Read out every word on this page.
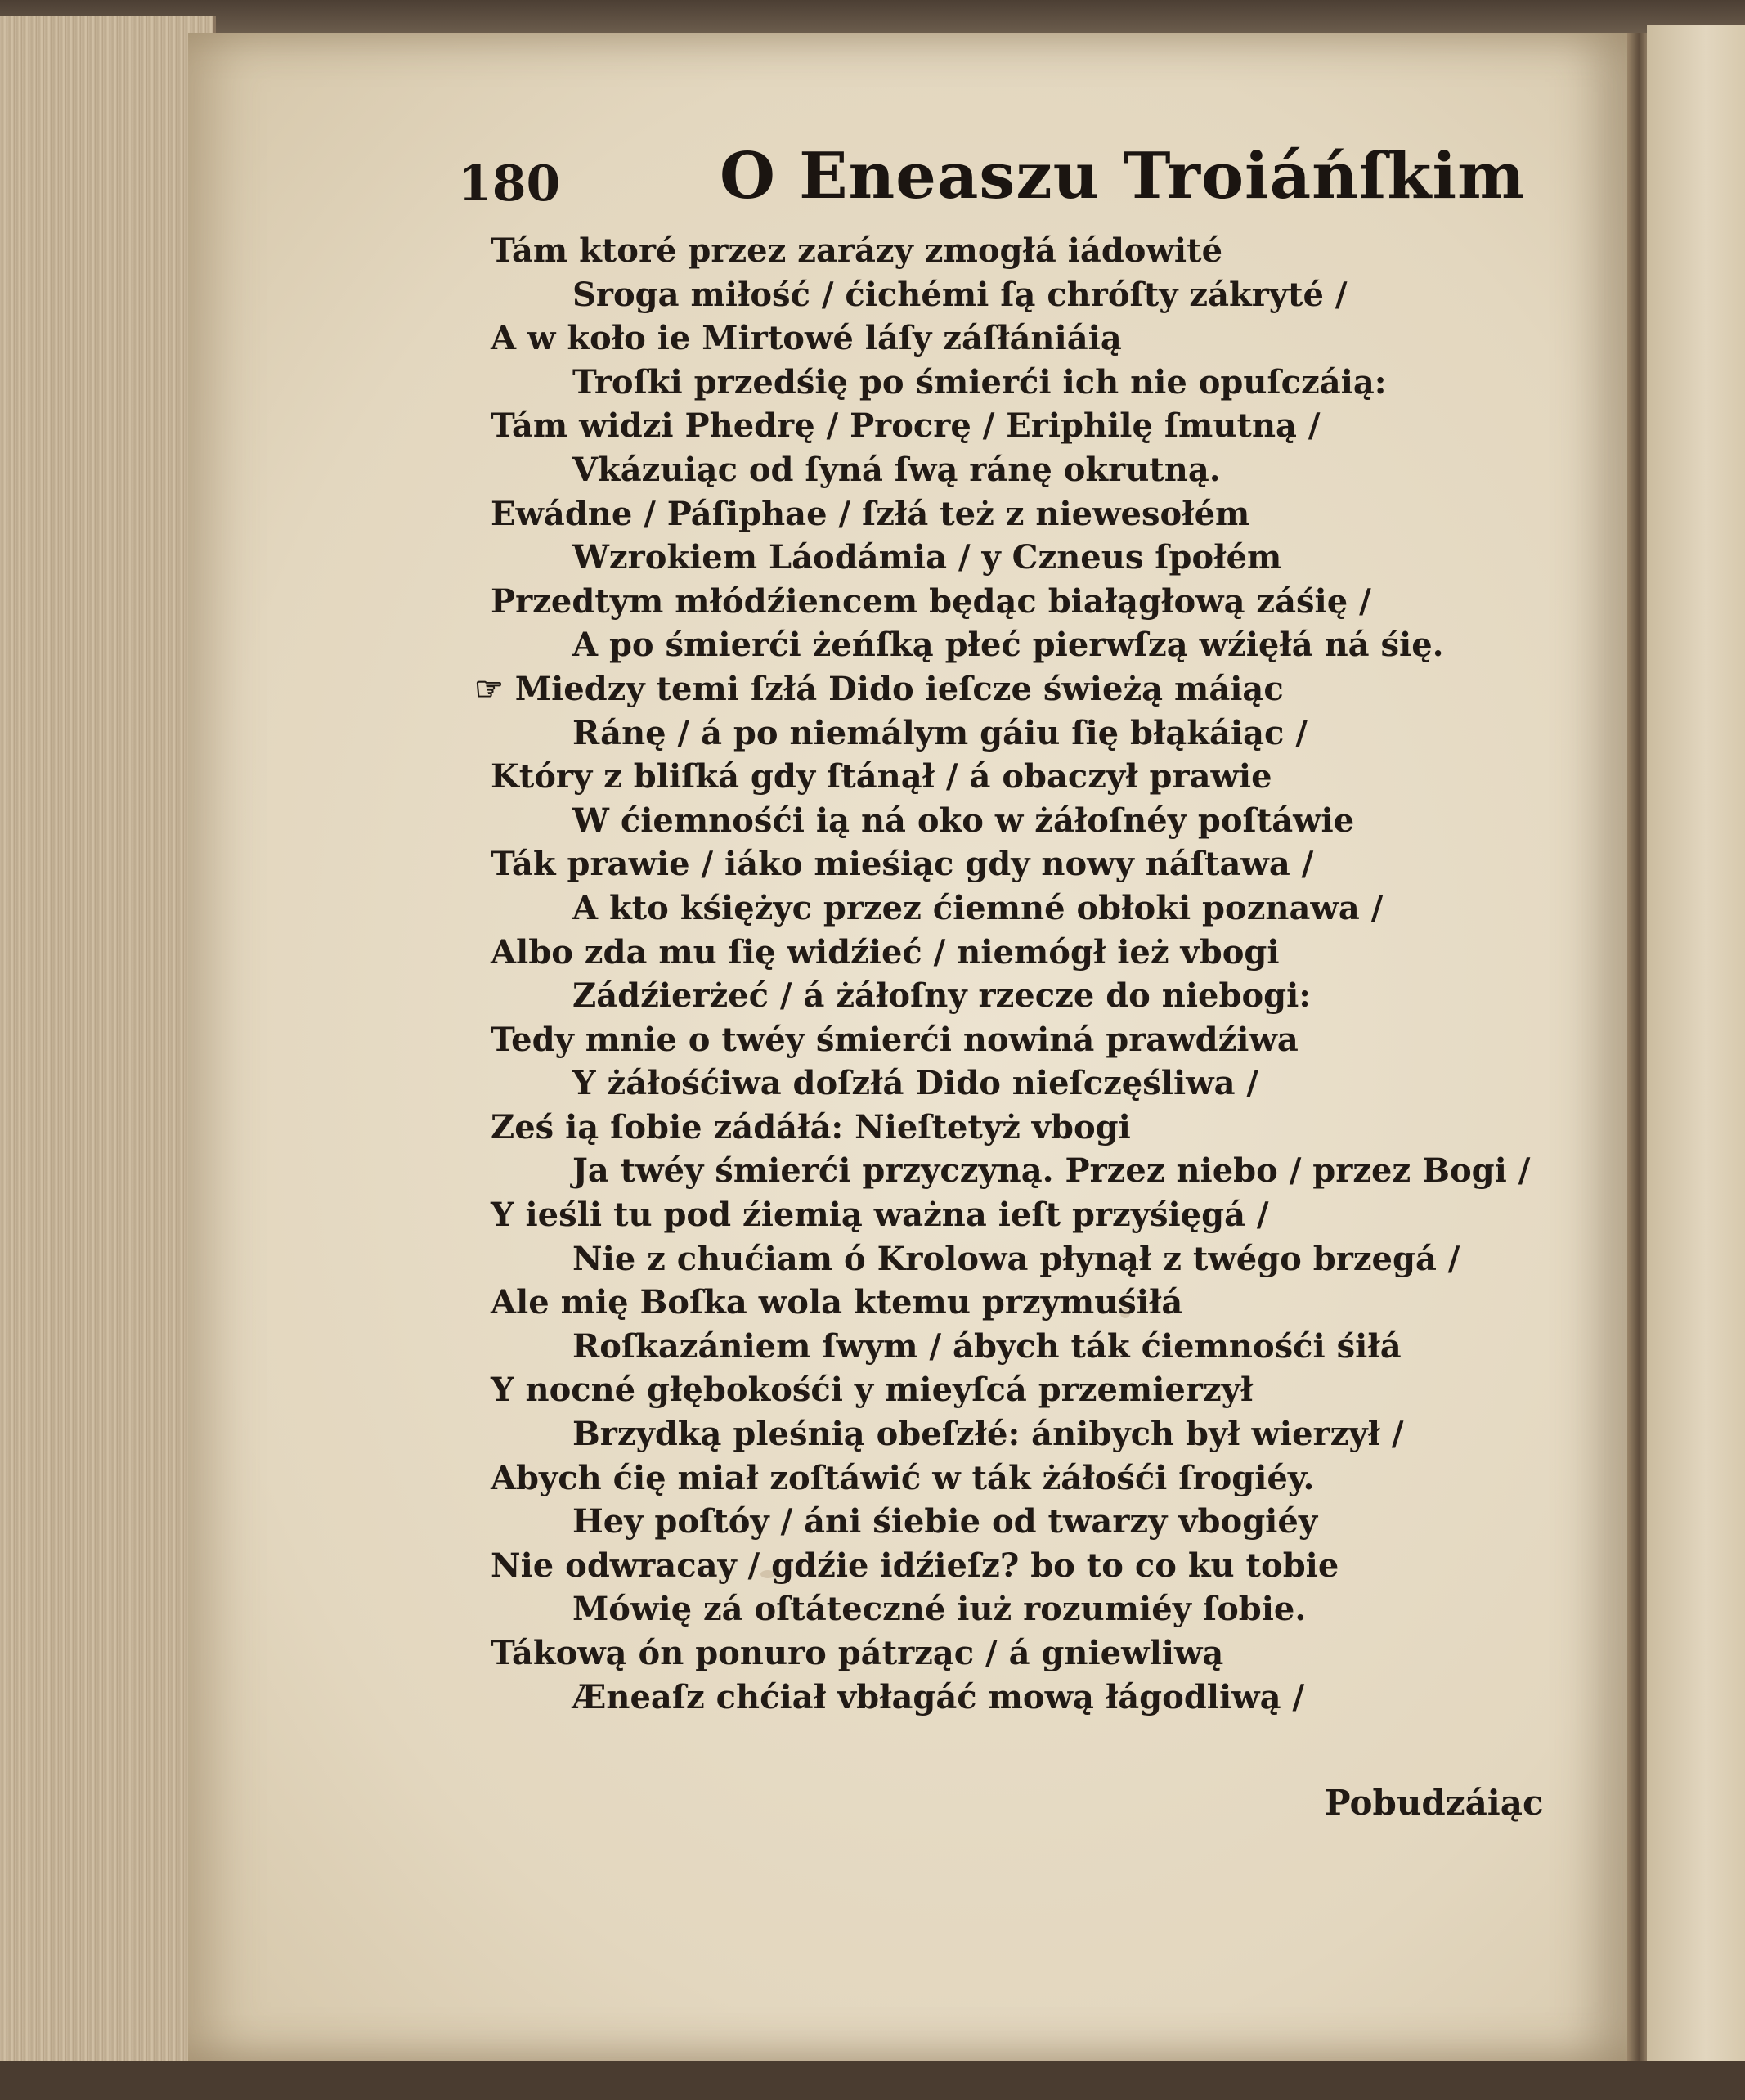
180 O Eneaszu Troiáńſkim
Tám ktoré przez zarázy zmogłá iádowité
Sroga miłość / ćichémi ſą chróſty zákryté /
A w koło ie Mirtowé láſy záſłániáią
Troſki przedśię po śmierći ich nie opuſczáią:
Tám widzi Phedrę / Procrę / Eriphilę ſmutną /
Vkázuiąc od ſyná ſwą ránę okrutną.
Ewádne / Páſiphae / ſzłá też z niewesołém
Wzrokiem Láodámia / y Czneus ſpołém
Przedtym młódźiencem będąc białągłową záśię /
A po śmierći żeńſką płeć pierwſzą wźięłá ná śię.
☞ Miedzy temi ſzłá Dido ieſcze świeżą máiąc
Ránę / á po niemálym gáiu ſię błąkáiąc /
Który z bliſká gdy ſtánął / á obaczył prawie
W ćiemnośći ią ná oko w żáłoſnéy poſtáwie
Ták prawie / iáko mieśiąc gdy nowy náſtawa /
A kto kśiężyc przez ćiemné obłoki poznawa /
Albo zda mu ſię widźieć / niemógł ież vbogi
Zádźierżeć / á żáłoſny rzecze do niebogi:
Tedy mnie o twéy śmierći nowiná prawdźiwa
Y żáłośćiwa doſzłá Dido nieſczęśliwa /
Ześ ią ſobie zádáłá: Nieſtetyż vbogi
Ja twéy śmierći przyczyną. Przez niebo / przez Bogi /
Y ieśli tu pod źiemią ważna ieſt przyśięgá /
Nie z chućiam ó Krolowa płynął z twégo brzegá /
Ale mię Boſka wola ktemu przymuśiłá
Roſkazániem ſwym / ábych ták ćiemnośći śiłá
Y nocné głębokośći y mieyſcá przemierzył
Brzydką pleśnią obeſzłé: ánibych był wierzył /
Abych ćię miał zoſtáwić w ták żáłośći ſrogiéy.
Hey poſtóy / áni śiebie od twarzy vbogiéy
Nie odwracay / gdźie idźieſz? bo to co ku tobie
Mówię zá oſtáteczné iuż rozumiéy ſobie.
Tákową ón ponuro pátrząc / á gniewliwą
Æneaſz chćiał vbłagáć mową łágodliwą /
Pobudzáiąc
